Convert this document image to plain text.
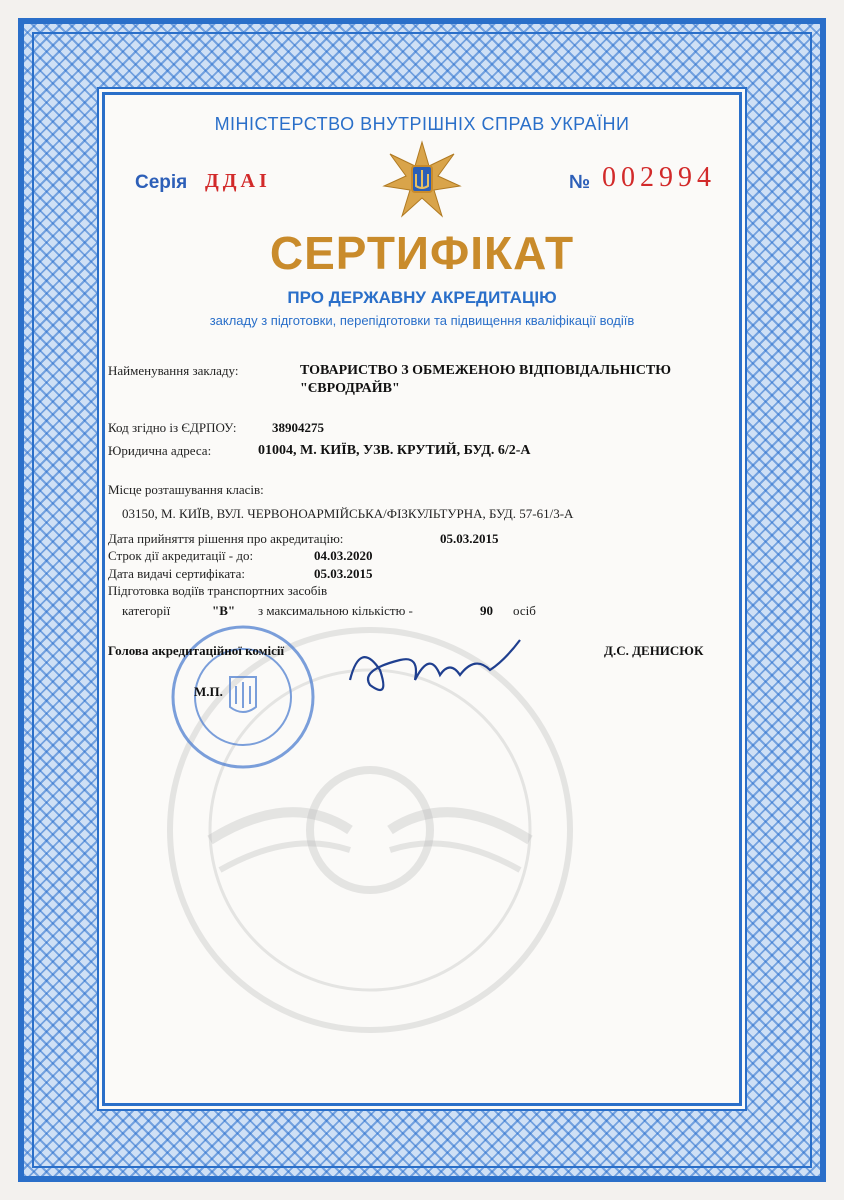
МІНІСТЕРСТВО ВНУТРІШНІХ СПРАВ УКРАЇНИ
Серія ДДАІ	№ 002994
СЕРТИФІКАТ
ПРО ДЕРЖАВНУ АКРЕДИТАЦІЮ
закладу з підготовки, перепідготовки та підвищення кваліфікації водіїв
Найменування закладу:	ТОВАРИСТВО З ОБМЕЖЕНОЮ ВІДПОВІДАЛЬНІСТЮ
"ЄВРОДРАЙВ"
Код згідно із ЄДРПОУ:	38904275
Юридична адреса:	01004, М. КИЇВ, УЗВ. КРУТИЙ, БУД. 6/2-А
Місце розташування класів:
03150, М. КИЇВ, ВУЛ. ЧЕРВОНОАРМІЙСЬКА/ФІЗКУЛЬТУРНА, БУД. 57-61/3-А
Дата прийняття рішення про акредитацію:	05.03.2015
Строк дії акредитації - до:	04.03.2020
Дата видачі сертифіката:	05.03.2015
Підготовка водіїв транспортних засобів
категорії	"В" з максимальною кількістю -	90 осіб
Голова акредитаційної комісії	Д.С. ДЕНИСЮК
М.П.
